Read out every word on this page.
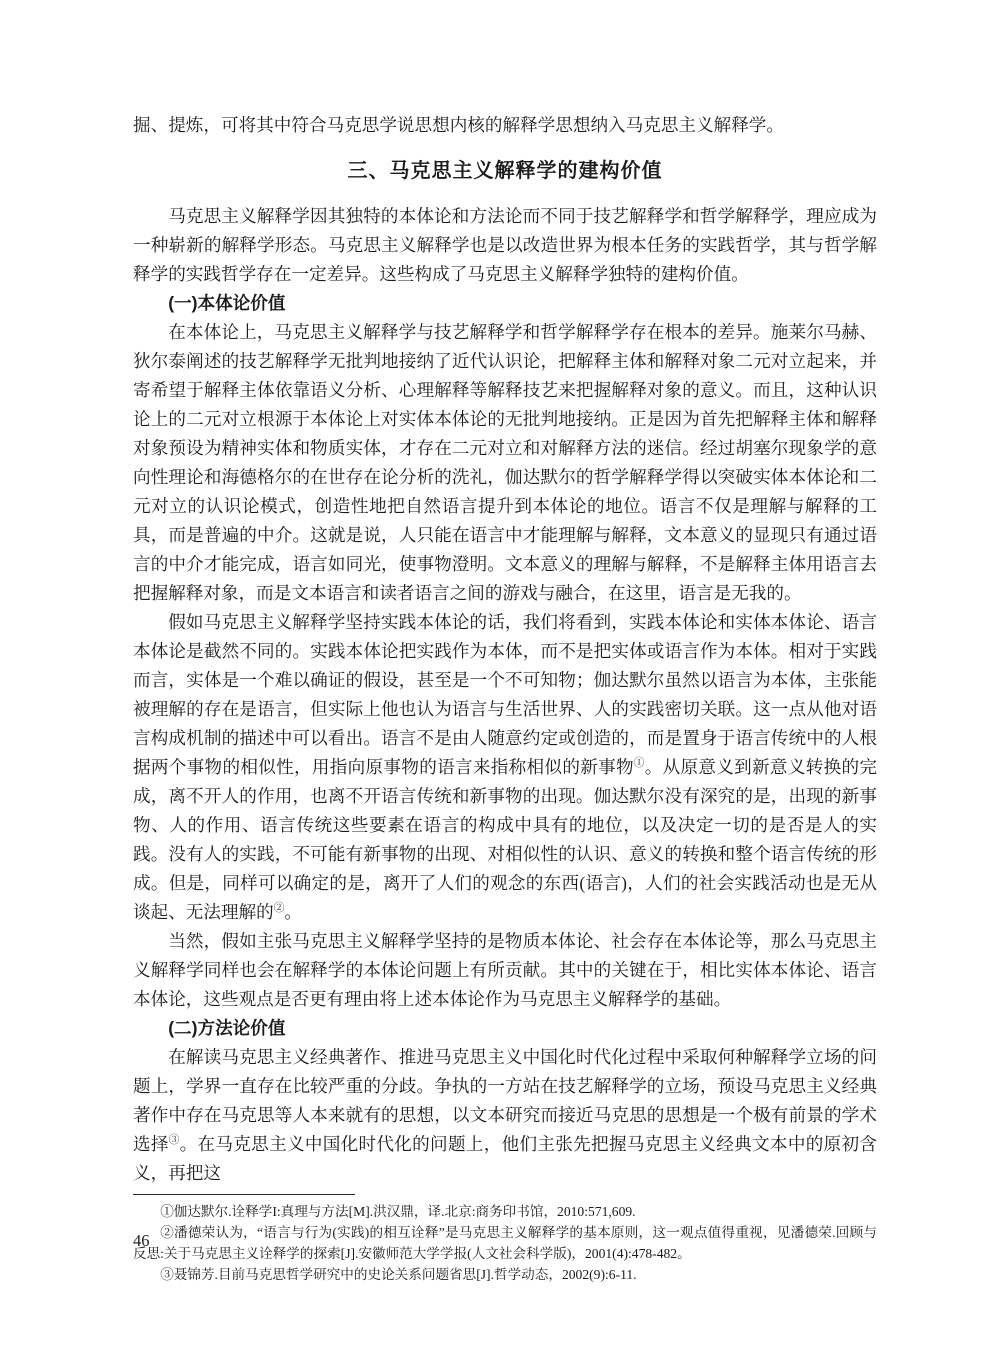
掘、提炼，可将其中符合马克思学说思想内核的解释学思想纳入马克思主义解释学。

三、马克思主义解释学的建构价值

马克思主义解释学因其独特的本体论和方法论而不同于技艺解释学和哲学解释学，理应成为一种崭新的解释学形态。马克思主义解释学也是以改造世界为根本任务的实践哲学，其与哲学解释学的实践哲学存在一定差异。这些构成了马克思主义解释学独特的建构价值。

(一)本体论价值

在本体论上，马克思主义解释学与技艺解释学和哲学解释学存在根本的差异。施莱尔马赫、狄尔泰阐述的技艺解释学无批判地接纳了近代认识论，把解释主体和解释对象二元对立起来，并寄希望于解释主体依靠语义分析、心理解释等解释技艺来把握解释对象的意义。而且，这种认识论上的二元对立根源于本体论上对实体本体论的无批判地接纳。正是因为首先把解释主体和解释对象预设为精神实体和物质实体，才存在二元对立和对解释方法的迷信。经过胡塞尔现象学的意向性理论和海德格尔的在世存在论分析的洗礼，伽达默尔的哲学解释学得以突破实体本体论和二元对立的认识论模式，创造性地把自然语言提升到本体论的地位。语言不仅是理解与解释的工具，而是普遍的中介。这就是说，人只能在语言中才能理解与解释，文本意义的显现只有通过语言的中介才能完成，语言如同光，使事物澄明。文本意义的理解与解释，不是解释主体用语言去把握解释对象，而是文本语言和读者语言之间的游戏与融合，在这里，语言是无我的。

假如马克思主义解释学坚持实践本体论的话，我们将看到，实践本体论和实体本体论、语言本体论是截然不同的。实践本体论把实践作为本体，而不是把实体或语言作为本体。相对于实践而言，实体是一个难以确证的假设，甚至是一个不可知物；伽达默尔虽然以语言为本体，主张能被理解的存在是语言，但实际上他也认为语言与生活世界、人的实践密切关联。这一点从他对语言构成机制的描述中可以看出。语言不是由人随意约定或创造的，而是置身于语言传统中的人根据两个事物的相似性，用指向原事物的语言来指称相似的新事物①。从原意义到新意义转换的完成，离不开人的作用，也离不开语言传统和新事物的出现。伽达默尔没有深究的是，出现的新事物、人的作用、语言传统这些要素在语言的构成中具有的地位，以及决定一切的是否是人的实践。没有人的实践，不可能有新事物的出现、对相似性的认识、意义的转换和整个语言传统的形成。但是，同样可以确定的是，离开了人们的观念的东西(语言)，人们的社会实践活动也是无从谈起、无法理解的②。

当然，假如主张马克思主义解释学坚持的是物质本体论、社会存在本体论等，那么马克思主义解释学同样也会在解释学的本体论问题上有所贡献。其中的关键在于，相比实体本体论、语言本体论，这些观点是否更有理由将上述本体论作为马克思主义解释学的基础。

(二)方法论价值

在解读马克思主义经典著作、推进马克思主义中国化时代化过程中采取何种解释学立场的问题上，学界一直存在比较严重的分歧。争执的一方站在技艺解释学的立场，预设马克思主义经典著作中存在马克思等人本来就有的思想，以文本研究而接近马克思的思想是一个极有前景的学术选择③。在马克思主义中国化时代化的问题上，他们主张先把握马克思主义经典文本中的原初含义，再把这

①伽达默尔.诠释学I:真理与方法[M].洪汉鼎，译.北京:商务印书馆，2010:571,609.

②潘德荣认为，“语言与行为(实践)的相互诠释”是马克思主义解释学的基本原则，这一观点值得重视，见潘德荣.回顾与反思:关于马克思主义诠释学的探索[J].安徽师范大学学报(人文社会科学版)，2001(4):478-482。

③聂锦芳.目前马克思哲学研究中的史论关系问题省思[J].哲学动态，2002(9):6-11.

46
